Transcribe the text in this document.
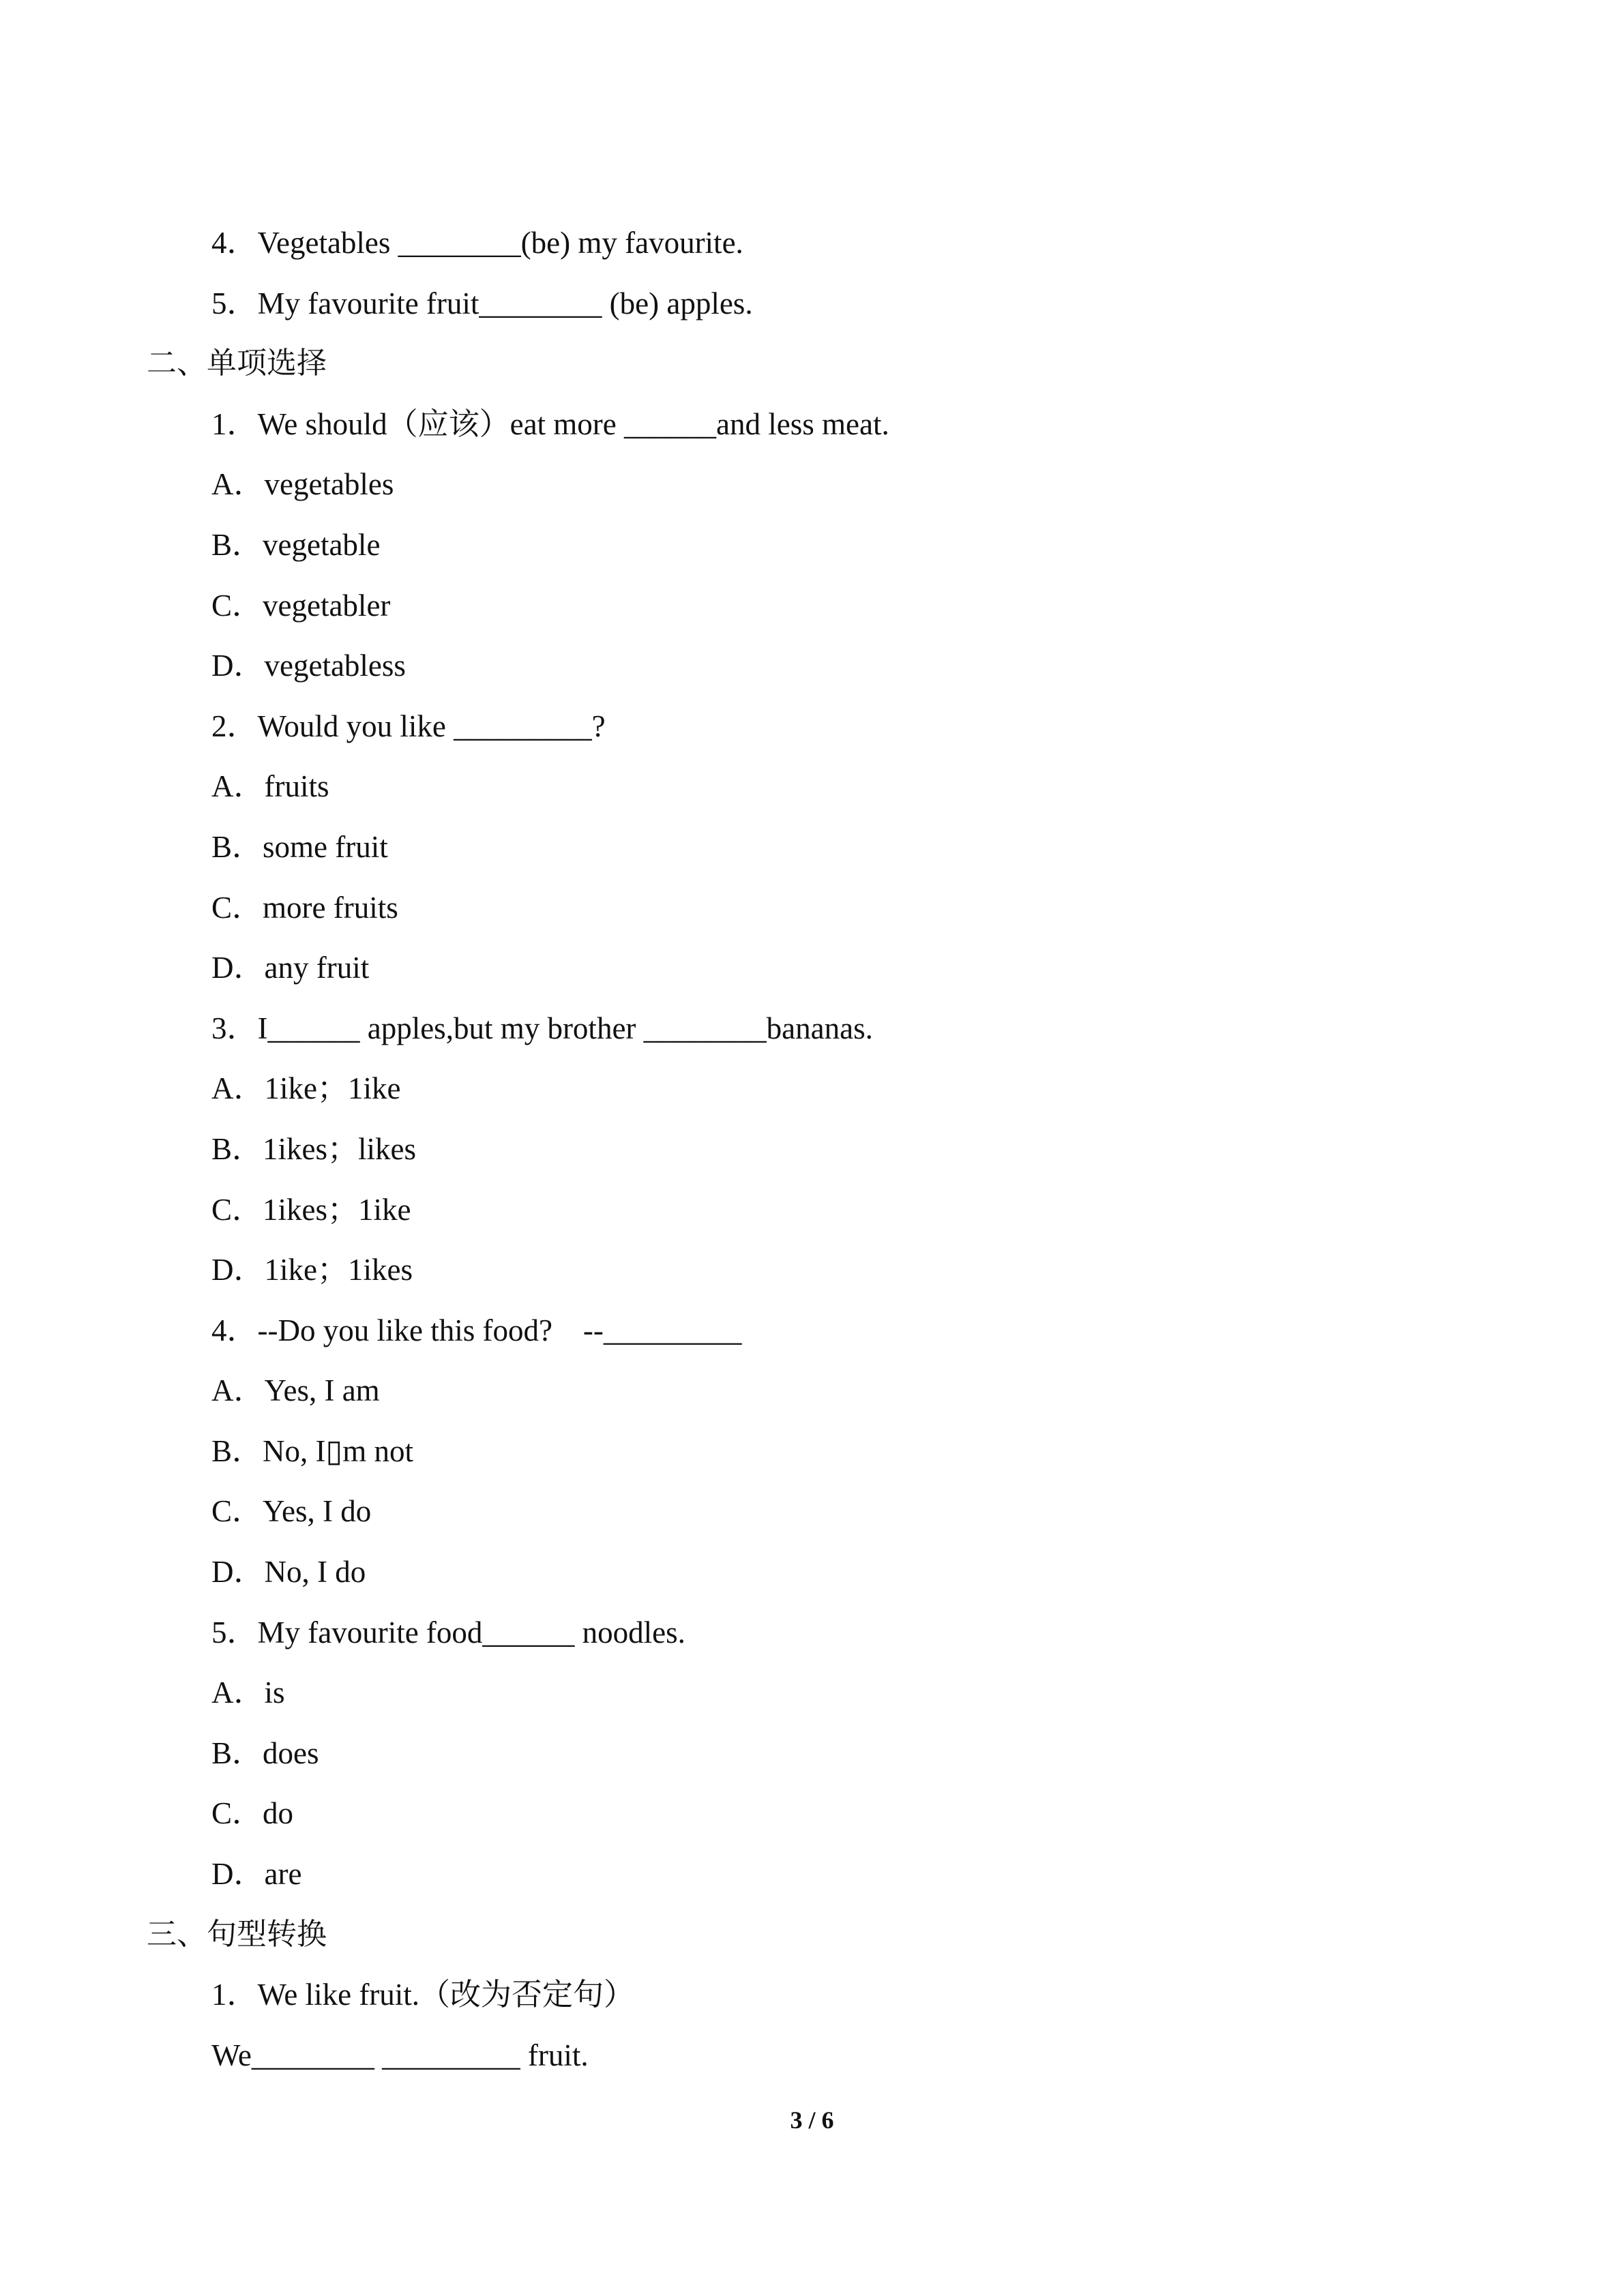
4．Vegetables ________(be) my favourite.
5．My favourite fruit________ (be) apples.
二、单项选择
1．We should（应该）eat more ______and less meat.
A．vegetables
B．vegetable
C．vegetabler
D．vegetabless
2．Would you like _________?
A．fruits
B．some fruit
C．more fruits
D．any fruit
3．I______ apples,but my brother ________bananas.
A．1ike；1ike
B．1ikes；likes
C．1ikes；1ike
D．1ike；1ikes
4．--Do you like this food?    --_________
A．Yes, I am
B．No, I▯m not
C．Yes, I do
D．No, I do
5．My favourite food______ noodles.
A．is
B．does
C．do
D．are
三、句型转换
1．We like fruit.（改为否定句）
We________ _________ fruit.
3 / 6
